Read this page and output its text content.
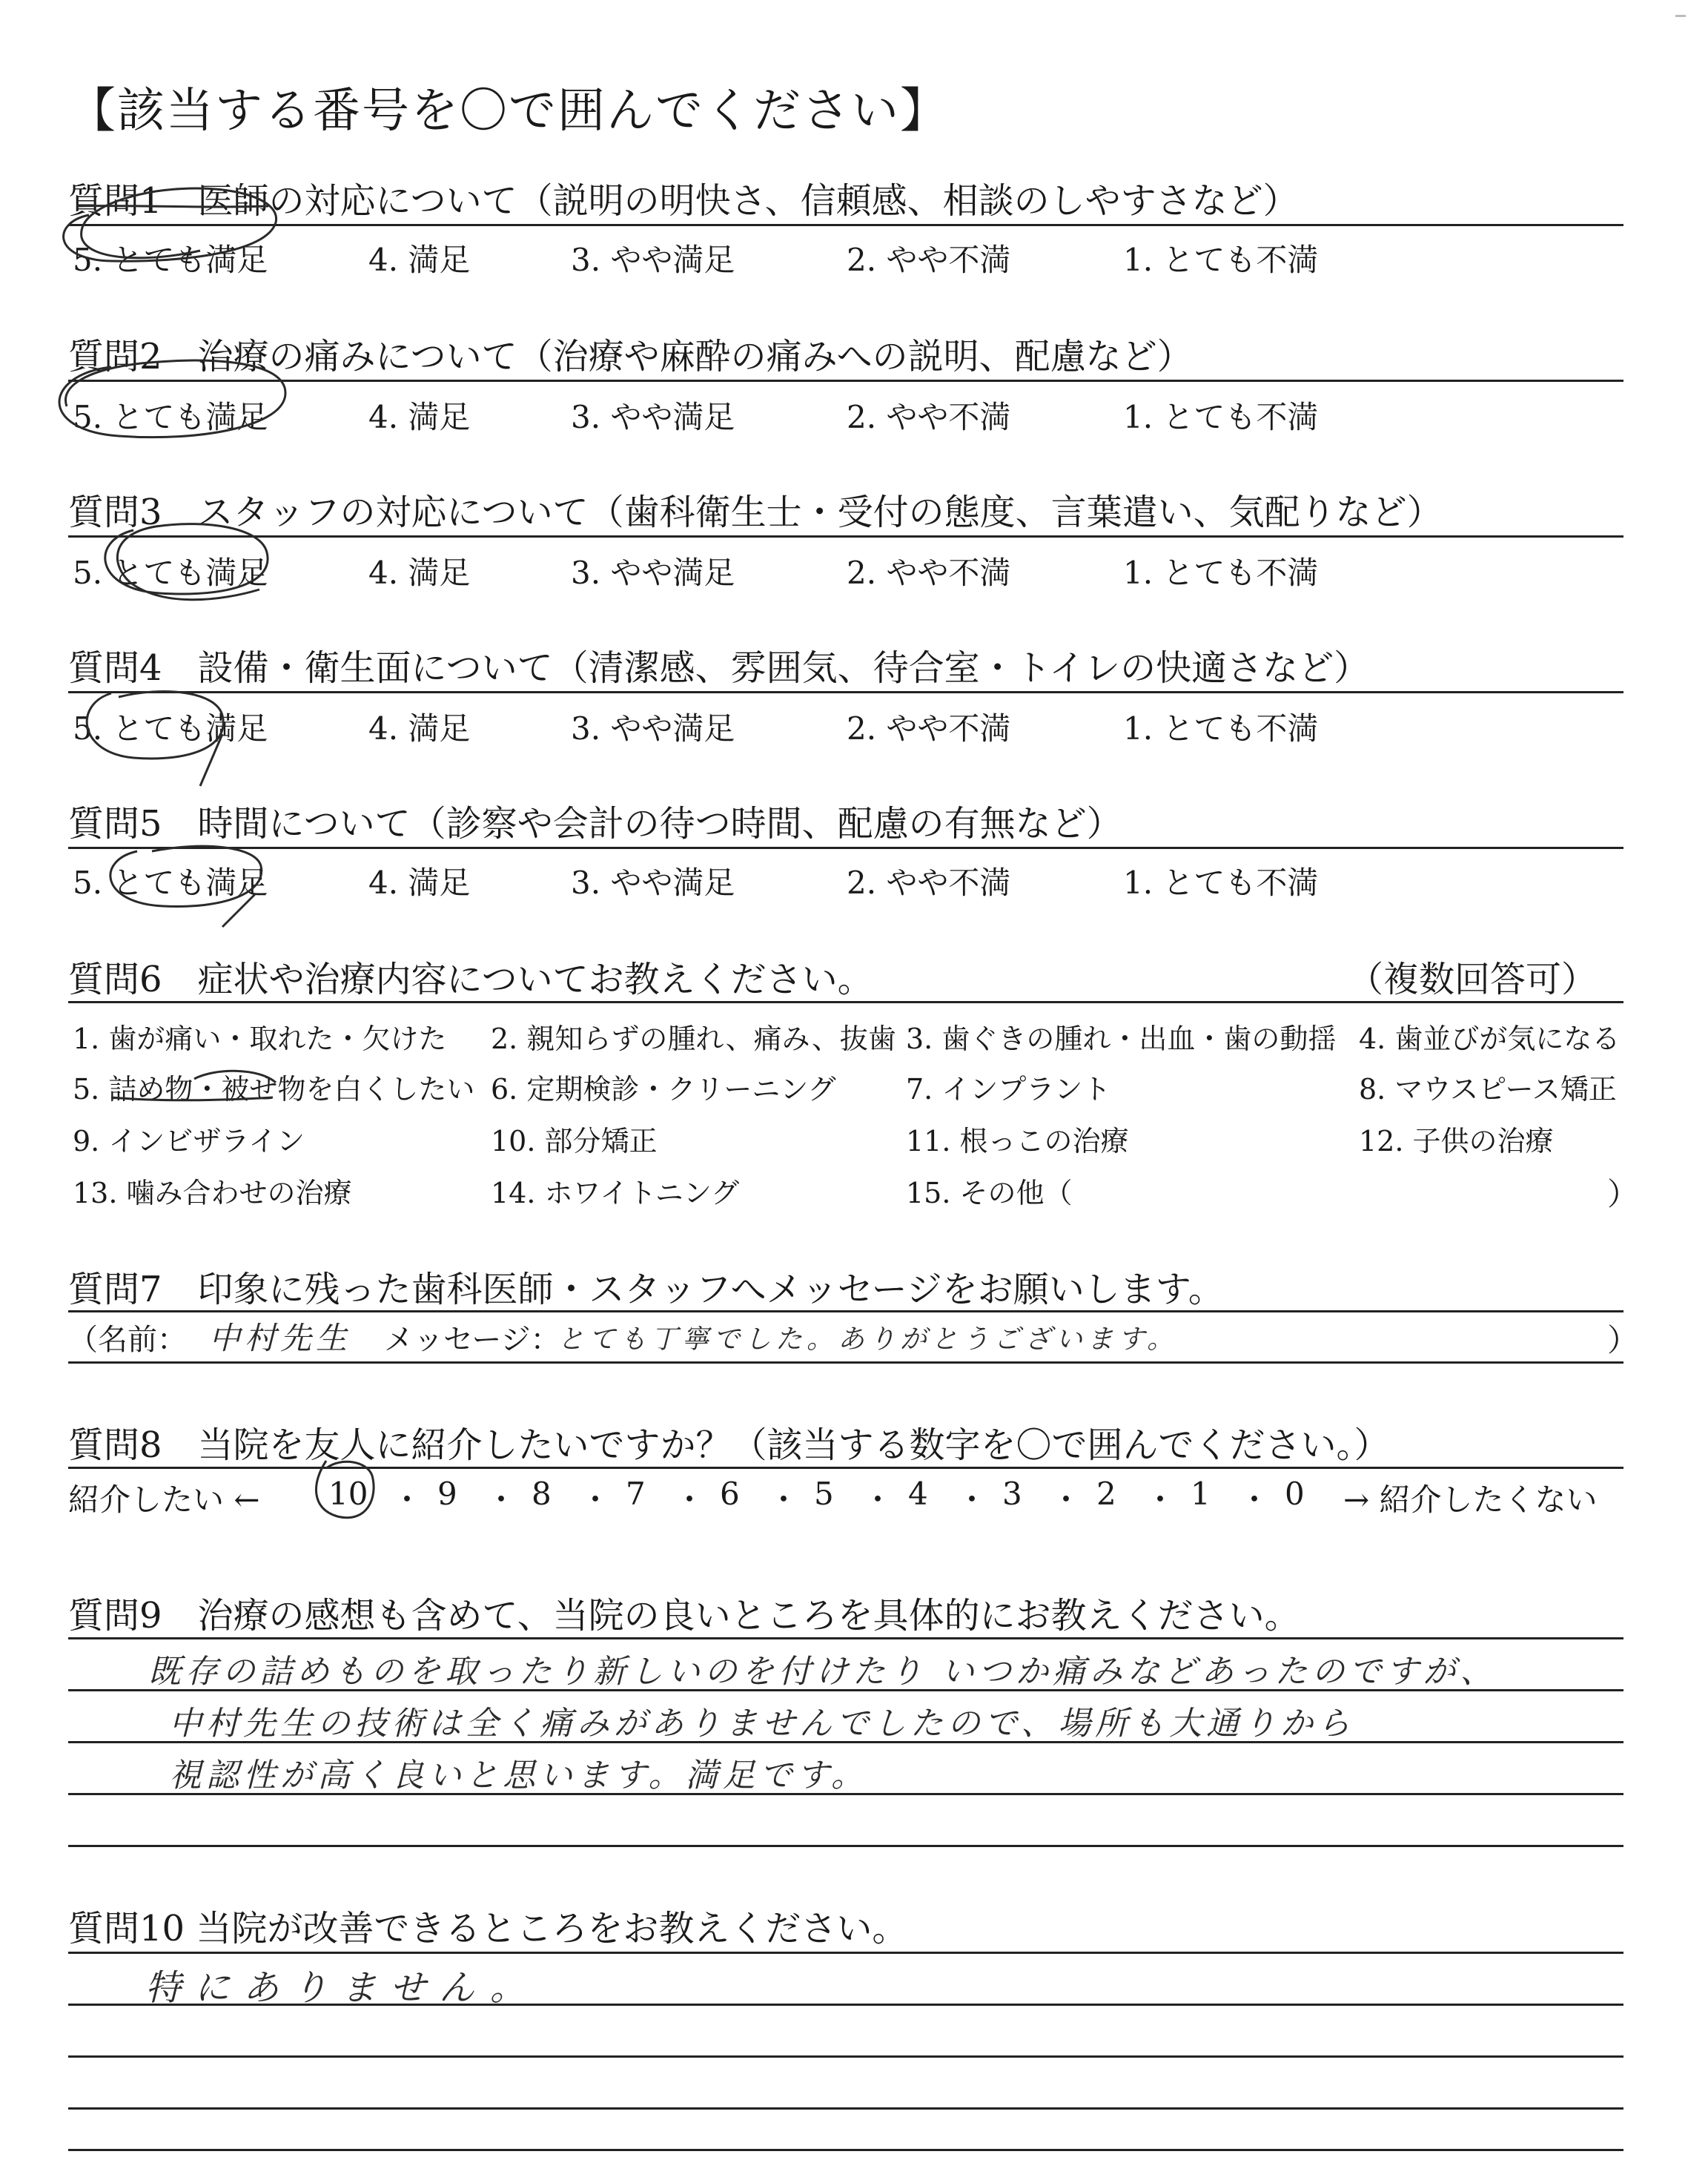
【該当する番号を〇で囲んでください】
質問1　医師の対応について（説明の明快さ、信頼感、相談のしやすさなど）
5. とても満足	4. 満足	3. やや満足	2. やや不満	1. とても不満
質問2　治療の痛みについて（治療や麻酔の痛みへの説明、配慮など）
5. とても満足	4. 満足	3. やや満足	2. やや不満	1. とても不満
質問3　スタッフの対応について（歯科衛生士・受付の態度、言葉遣い、気配りなど）
5. とても満足	4. 満足	3. やや満足	2. やや不満	1. とても不満
質問4　設備・衛生面について（清潔感、雰囲気、待合室・トイレの快適さなど）
5. とても満足	4. 満足	3. やや満足	2. やや不満	1. とても不満
質問5　時間について（診察や会計の待つ時間、配慮の有無など）
5. とても満足	4. 満足	3. やや満足	2. やや不満	1. とても不満
質問6　症状や治療内容についてお教えください。	（複数回答可）
1. 歯が痛い・取れた・欠けた 2. 親知らずの腫れ、痛み、抜歯 3. 歯ぐきの腫れ・出血・歯の動揺 4. 歯並びが気になる
5. 詰め物・被せ物を白くしたい 6. 定期検診・クリーニング 7. インプラント	8. マウスピース矯正
9. インビザライン	10. 部分矯正	11. 根っこの治療	12. 子供の治療
13. 噛み合わせの治療	14. ホワイトニング	15. その他（	）
質問7　印象に残った歯科医師・スタッフへメッセージをお願いします。
（名前： 中村先生 メッセージ：
とても丁寧でした。ありがとうございます。	）
質問8　当院を友人に紹介したいですか？（該当する数字を〇で囲んでください。）
紹介したい ← 10 ・ 9 ・ 8 ・ 7 ・ 6 ・ 5 ・ 4 ・ 3 ・ 2 ・ 1 ・ 0 → 紹介したくない
質問9　治療の感想も含めて、当院の良いところを具体的にお教えください。
既存の詰めものを取ったり新しいのを付けたり いつか痛みなどあったのですが、
中村先生の技術は全く痛みがありませんでしたので、場所も大通りから
視認性が高く良いと思います。満足です。
質問10 当院が改善できるところをお教えください。
特にありません。
